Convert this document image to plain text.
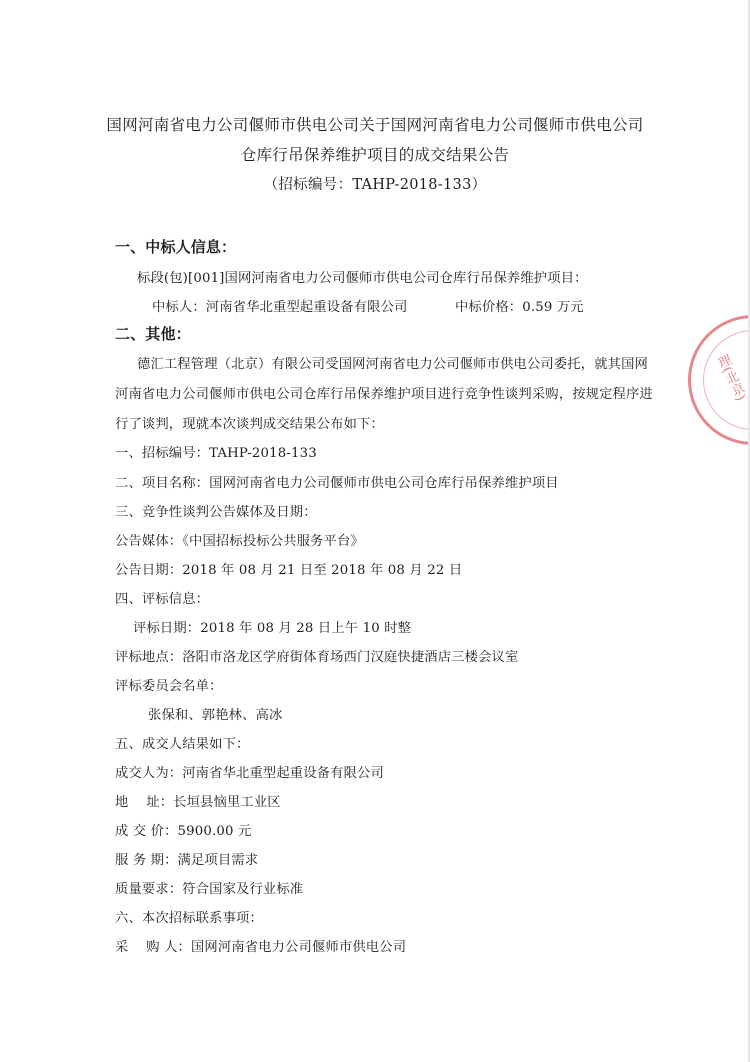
国网河南省电力公司偃师市供电公司关于国网河南省电力公司偃师市供电公司
仓库行吊保养维护项目的成交结果公告
（招标编号：TAHP-2018-133）
一、中标人信息：
标段(包)[001]国网河南省电力公司偃师市供电公司仓库行吊保养维护项目：
中标人：河南省华北重型起重设备有限公司	中标价格：0.59 万元
二、其他：
德汇工程管理（北京）有限公司受国网河南省电力公司偃师市供电公司委托，就其国网
河南省电力公司偃师市供电公司仓库行吊保养维护项目进行竞争性谈判采购，按规定程序进
行了谈判，现就本次谈判成交结果公布如下：
一、招标编号：TAHP-2018-133
二、项目名称：国网河南省电力公司偃师市供电公司仓库行吊保养维护项目
三、竞争性谈判公告媒体及日期：
公告媒体：《中国招标投标公共服务平台》
公告日期：2018 年 08 月 21 日至 2018 年 08 月 22 日
四、评标信息：
评标日期：2018 年 08 月 28 日上午 10 时整
评标地点：洛阳市洛龙区学府街体育场西门汉庭快捷酒店三楼会议室
评标委员会名单：
张保和、郭艳林、高冰
五、成交人结果如下：
成交人为：河南省华北重型起重设备有限公司
地　 址：长垣县恼里工业区
成 交 价：5900.00 元
服 务 期：满足项目需求
质量要求：符合国家及行业标准
六、本次招标联系事项：
采　 购 人：国网河南省电力公司偃师市供电公司
理(北京)
